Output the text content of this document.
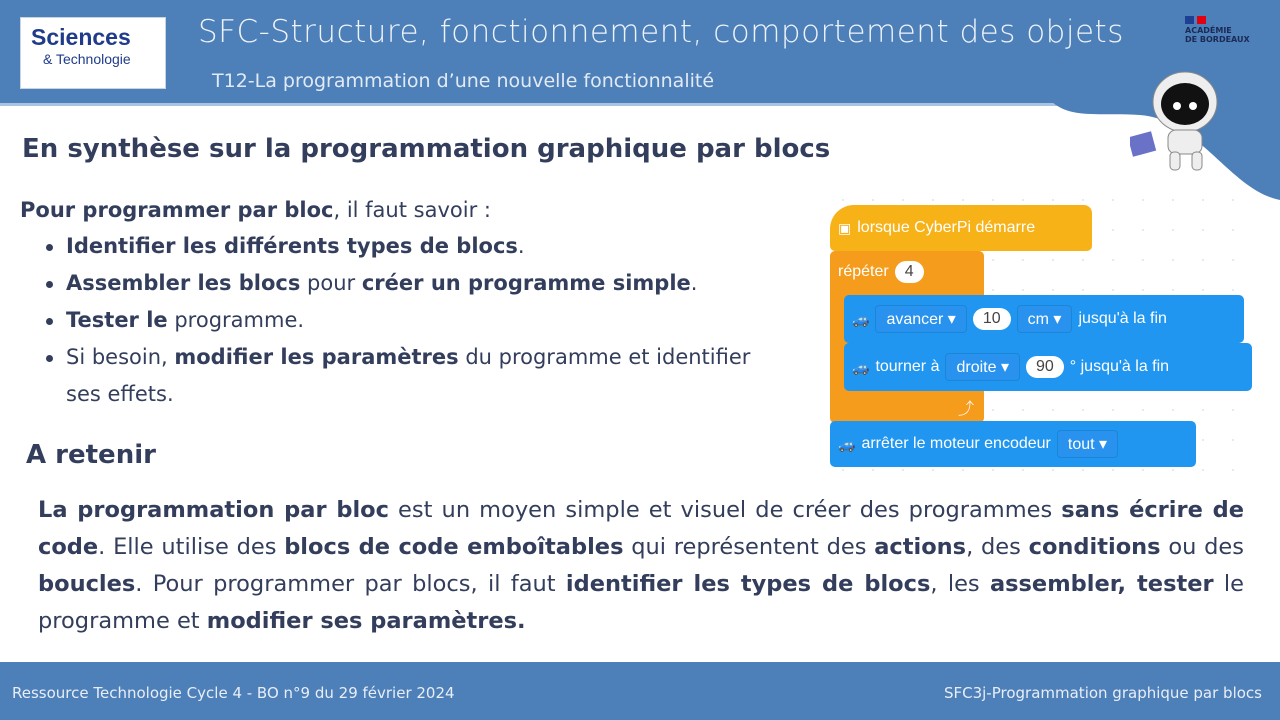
Sciences
& Technologie
SFC-Structure, fonctionnement, comportement des objets
T12-La programmation d’une nouvelle fonctionnalité
ACADÉMIE
DE BORDEAUX
En synthèse sur la programmation graphique par blocs
Pour programmer par bloc, il faut savoir :
Identifier les différents types de blocs.
Assembler les blocs pour créer un programme simple.
Tester le programme.
Si besoin, modifier les paramètres du programme et identifier ses effets.
▣ lorsque CyberPi démarre
répéter	4
⤴
🚙	avancer ▾	10	cm ▾	jusqu'à la fin
🚙 tourner à	droite ▾	90	° jusqu'à la fin
🚙 arrêter le moteur encodeur	tout ▾
A retenir
La programmation par bloc est un moyen simple et visuel de créer des programmes sans écrire de code. Elle utilise des blocs de code emboîtables qui représentent des actions, des conditions ou des boucles. Pour programmer par blocs, il faut identifier les types de blocs, les assembler, tester le programme et modifier ses paramètres.
Ressource Technologie Cycle 4 - BO n°9 du 29 février 2024	SFC3j-Programmation graphique par blocs
